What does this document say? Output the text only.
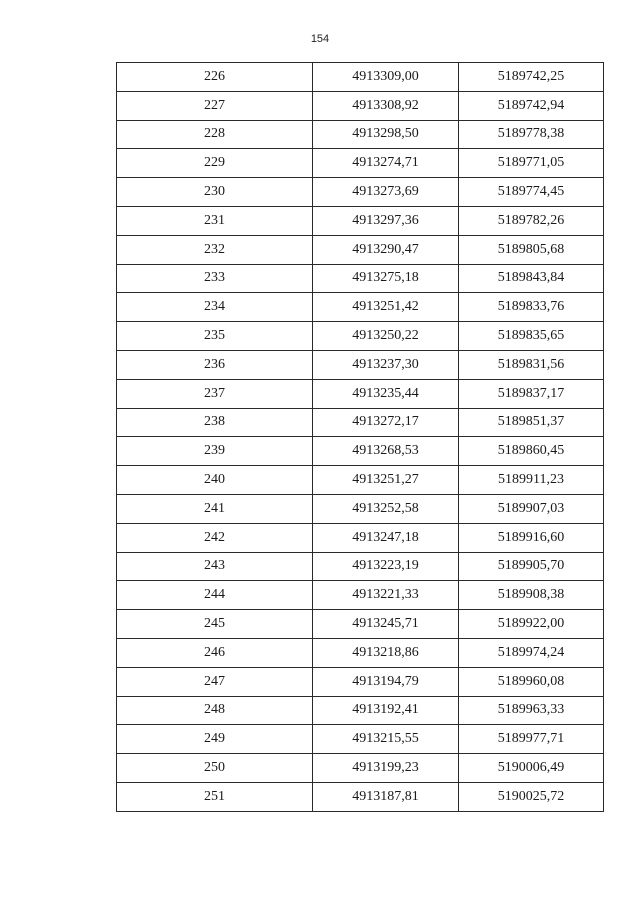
154
226	4913309,00	5189742,25
227	4913308,92	5189742,94
228	4913298,50	5189778,38
229	4913274,71	5189771,05
230	4913273,69	5189774,45
231	4913297,36	5189782,26
232	4913290,47	5189805,68
233	4913275,18	5189843,84
234	4913251,42	5189833,76
235	4913250,22	5189835,65
236	4913237,30	5189831,56
237	4913235,44	5189837,17
238	4913272,17	5189851,37
239	4913268,53	5189860,45
240	4913251,27	5189911,23
241	4913252,58	5189907,03
242	4913247,18	5189916,60
243	4913223,19	5189905,70
244	4913221,33	5189908,38
245	4913245,71	5189922,00
246	4913218,86	5189974,24
247	4913194,79	5189960,08
248	4913192,41	5189963,33
249	4913215,55	5189977,71
250	4913199,23	5190006,49
251	4913187,81	5190025,72
